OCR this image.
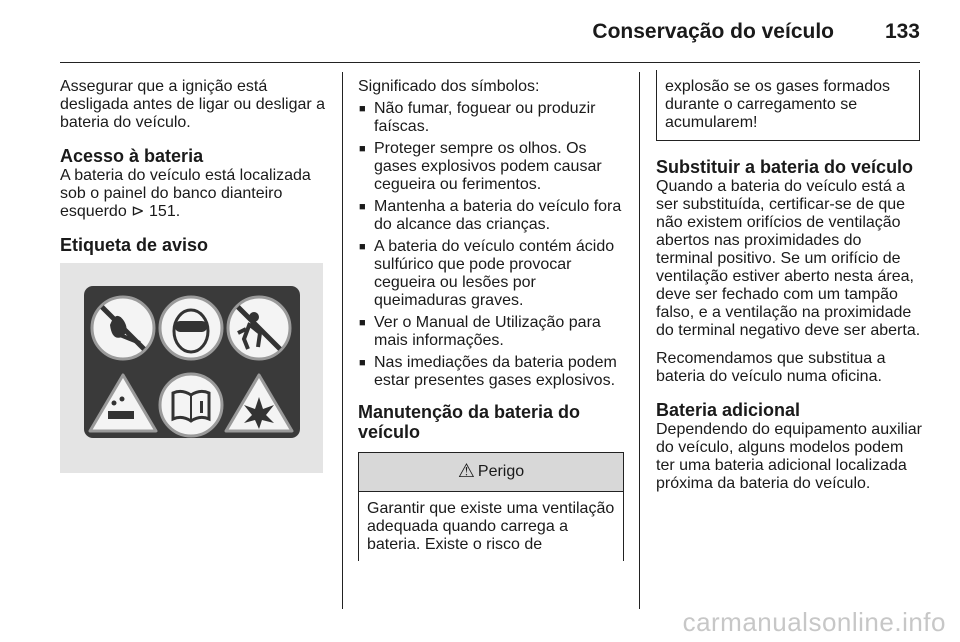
Conservação do veículo 133

Assegurar que a ignição está desligada antes de ligar ou desligar a bateria do veículo.

Acesso à bateria

A bateria do veículo está localizada sob o painel do banco dianteiro esquerdo ⊳ 151.

Etiqueta de aviso

Significado dos símbolos:

■ Não fumar, foguear ou produzir faíscas.
■ Proteger sempre os olhos. Os gases explosivos podem causar cegueira ou ferimentos.
■ Mantenha a bateria do veículo fora do alcance das crianças.
■ A bateria do veículo contém ácido sulfúrico que pode provocar cegueira ou lesões por queimaduras graves.
■ Ver o Manual de Utilização para mais informações.
■ Nas imediações da bateria podem estar presentes gases explosivos.
Manutenção da bateria do veículo
⚠ Perigo
Garantir que existe uma ventilação adequada quando carrega a bateria. Existe o risco de
explosão se os gases formados durante o carregamento se acumularem!
Substituir a bateria do veículo

Quando a bateria do veículo está a ser substituída, certificar-se de que não existem orifícios de ventilação abertos nas proximidades do terminal positivo. Se um orifício de ventilação estiver aberto nesta área, deve ser fechado com um tampão falso, e a ventilação na proximidade do terminal negativo deve ser aberta.

Recomendamos que substitua a bateria do veículo numa oficina.

Bateria adicional

Dependendo do equipamento auxiliar do veículo, alguns modelos podem ter uma bateria adicional localizada próxima da bateria do veículo.

carmanualsonline.info
